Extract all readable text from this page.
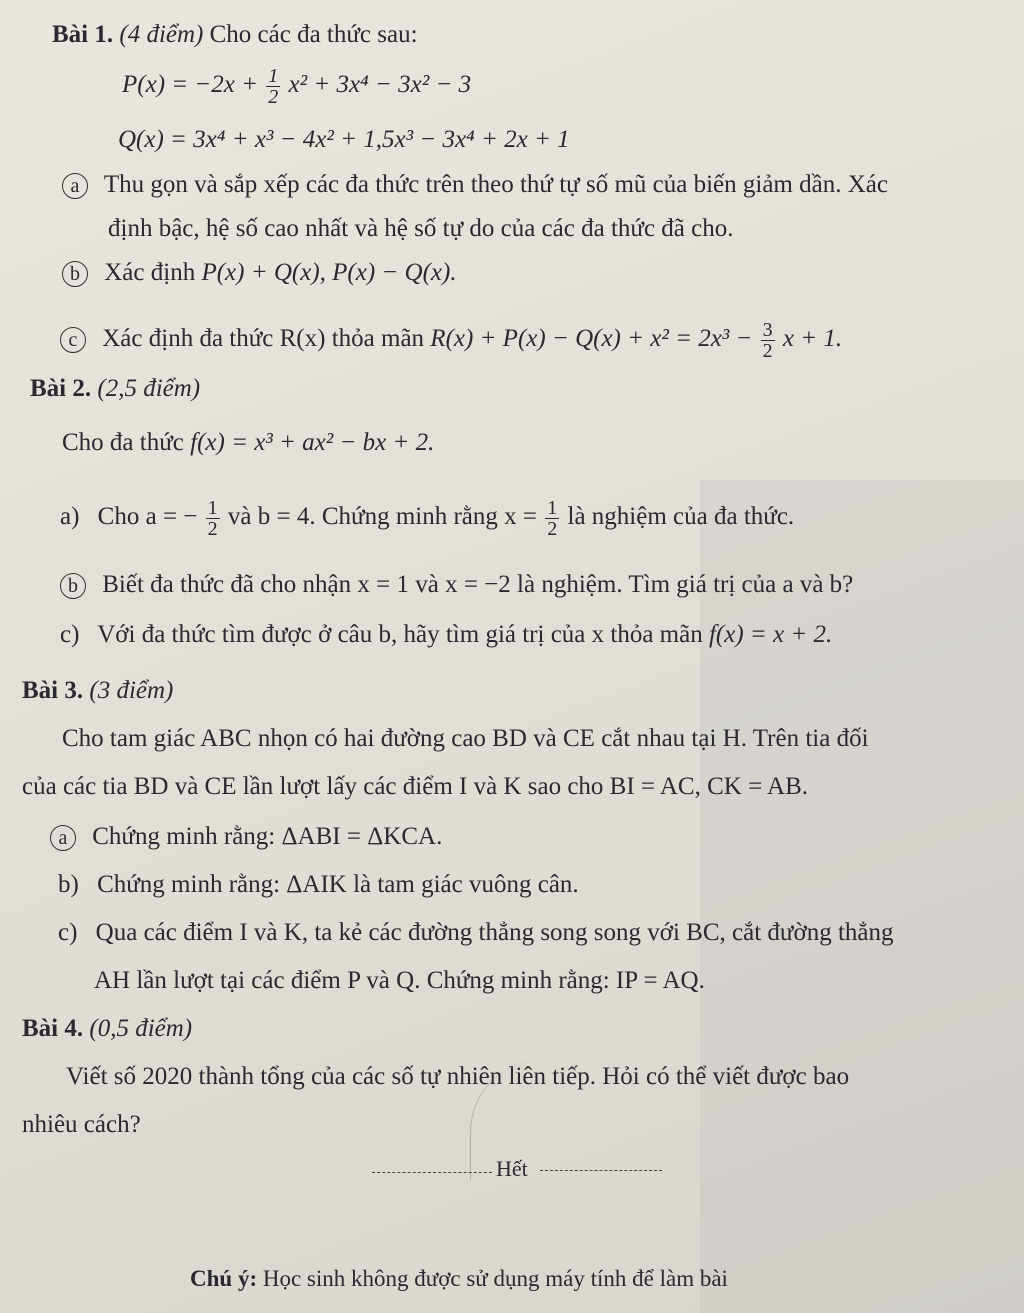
Bài 1. (4 điểm) Cho các đa thức sau:
$P(x) = -2x + \frac{1}{2} x^2 + 3x^4 - 3x^2 - 3$
Q(x) = 3x⁴ + x³ − 4x² + 1,5x³ − 3x⁴ + 2x + 1
a Thu gọn và sắp xếp các đa thức trên theo thứ tự số mũ của biến giảm dần. Xác
định bậc, hệ số cao nhất và hệ số tự do của các đa thức đã cho.
b Xác định P(x) + Q(x), P(x) − Q(x).
c Xác định đa thức R(x) thỏa mãn $R(x) + P(x) - Q(x) + x^2 = 2x^3 - \frac{3}{2}$ x + 1.
Bài 2. (2,5 điểm)
Cho đa thức f(x) = x³ + ax² − bx + 2.
a) Cho a = − $\frac{1}{2}$ và b = 4. Chứng minh rằng $x = \frac{1}{2}$ là nghiệm của đa thức.
b Biết đa thức đã cho nhận x = 1 và x = −2 là nghiệm. Tìm giá trị của a và b?
c) Với đa thức tìm được ở câu b, hãy tìm giá trị của x thỏa mãn f(x) = x + 2.
Bài 3. (3 điểm)
Cho tam giác ABC nhọn có hai đường cao BD và CE cắt nhau tại H. Trên tia đối
của các tia BD và CE lần lượt lấy các điểm I và K sao cho BI = AC, CK = AB.
a Chứng minh rằng: ΔABI = ΔKCA.
b) Chứng minh rằng: ΔAIK là tam giác vuông cân.
c) Qua các điểm I và K, ta kẻ các đường thẳng song song với BC, cắt đường thẳng
AH lần lượt tại các điểm P và Q. Chứng minh rằng: IP = AQ.
Bài 4. (0,5 điểm)
Viết số 2020 thành tổng của các số tự nhiên liên tiếp. Hỏi có thể viết được bao
nhiêu cách?
Hết
Chú ý: Học sinh không được sử dụng máy tính để làm bài
